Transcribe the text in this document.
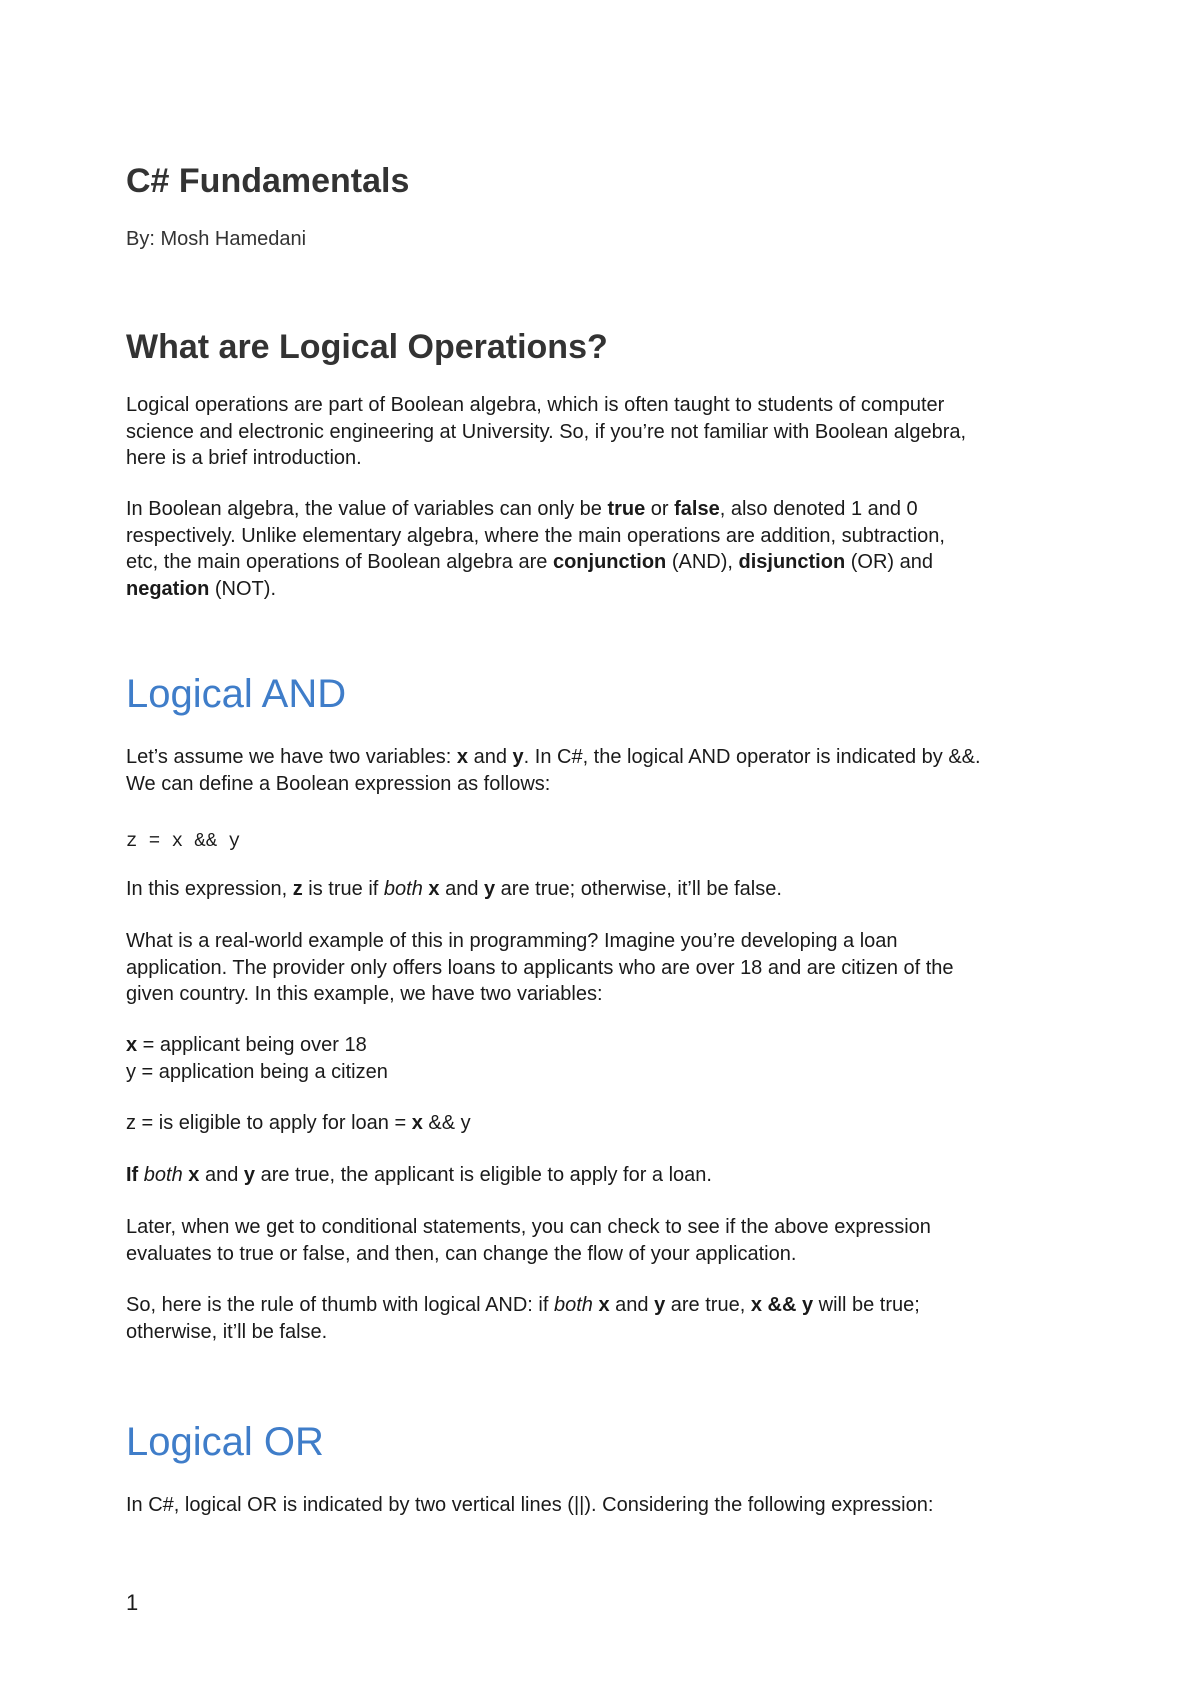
C# Fundamentals
By: Mosh Hamedani
What are Logical Operations?
Logical operations are part of Boolean algebra, which is often taught to students of computer
science and electronic engineering at University. So, if you’re not familiar with Boolean algebra,
here is a brief introduction.
In Boolean algebra, the value of variables can only be true or false, also denoted 1 and 0
respectively. Unlike elementary algebra, where the main operations are addition, subtraction,
etc, the main operations of Boolean algebra are conjunction (AND), disjunction (OR) and
negation (NOT).
Logical AND
Let’s assume we have two variables: x and y. In C#, the logical AND operator is indicated by &&.
We can define a Boolean expression as follows:
z = x && y
In this expression, z is true if both x and y are true; otherwise, it’ll be false.
What is a real-world example of this in programming? Imagine you’re developing a loan
application. The provider only offers loans to applicants who are over 18 and are citizen of the
given country. In this example, we have two variables:
x = applicant being over 18
y = application being a citizen
z = is eligible to apply for loan = x && y
If both x and y are true, the applicant is eligible to apply for a loan.
Later, when we get to conditional statements, you can check to see if the above expression
evaluates to true or false, and then, can change the flow of your application.
So, here is the rule of thumb with logical AND: if both x and y are true, x && y will be true;
otherwise, it’ll be false.
Logical OR
In C#, logical OR is indicated by two vertical lines (||). Considering the following expression:
1
